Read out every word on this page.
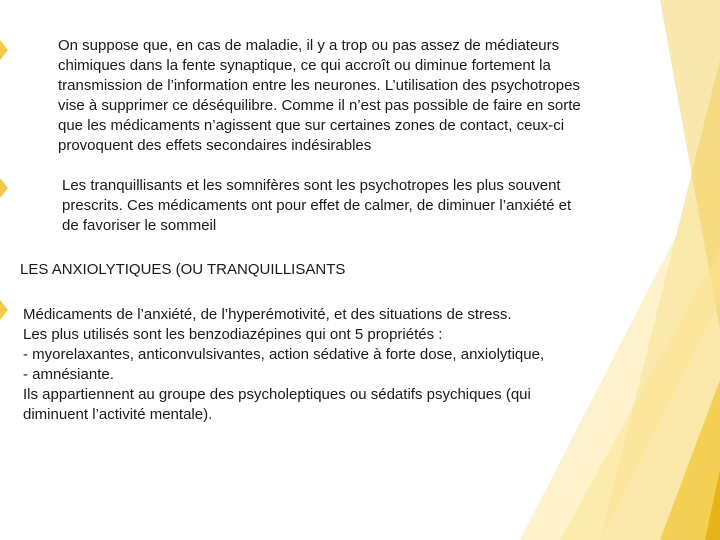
On suppose que, en cas de maladie, il y a trop ou pas assez de médiateurs
chimiques dans la fente synaptique, ce qui accroît ou diminue fortement la
transmission de l’information entre les neurones. L’utilisation des psychotropes
vise à supprimer ce déséquilibre. Comme il n’est pas possible de faire en sorte
que les médicaments n’agissent que sur certaines zones de contact, ceux-ci
provoquent des effets secondaires indésirables
Les tranquillisants et les somnifères sont les psychotropes les plus souvent
prescrits. Ces médicaments ont pour effet de calmer, de diminuer l’anxiété et
de favoriser le sommeil
LES ANXIOLYTIQUES (OU TRANQUILLISANTS
Médicaments de l’anxiété, de l’hyperémotivité, et des situations de stress.
Les plus utilisés sont les benzodiazépines qui ont 5 propriétés :
- myorelaxantes, anticonvulsivantes, action sédative à forte dose, anxiolytique,
- amnésiante.
Ils appartiennent au groupe des psycholeptiques ou sédatifs psychiques (qui
diminuent l’activité mentale).
